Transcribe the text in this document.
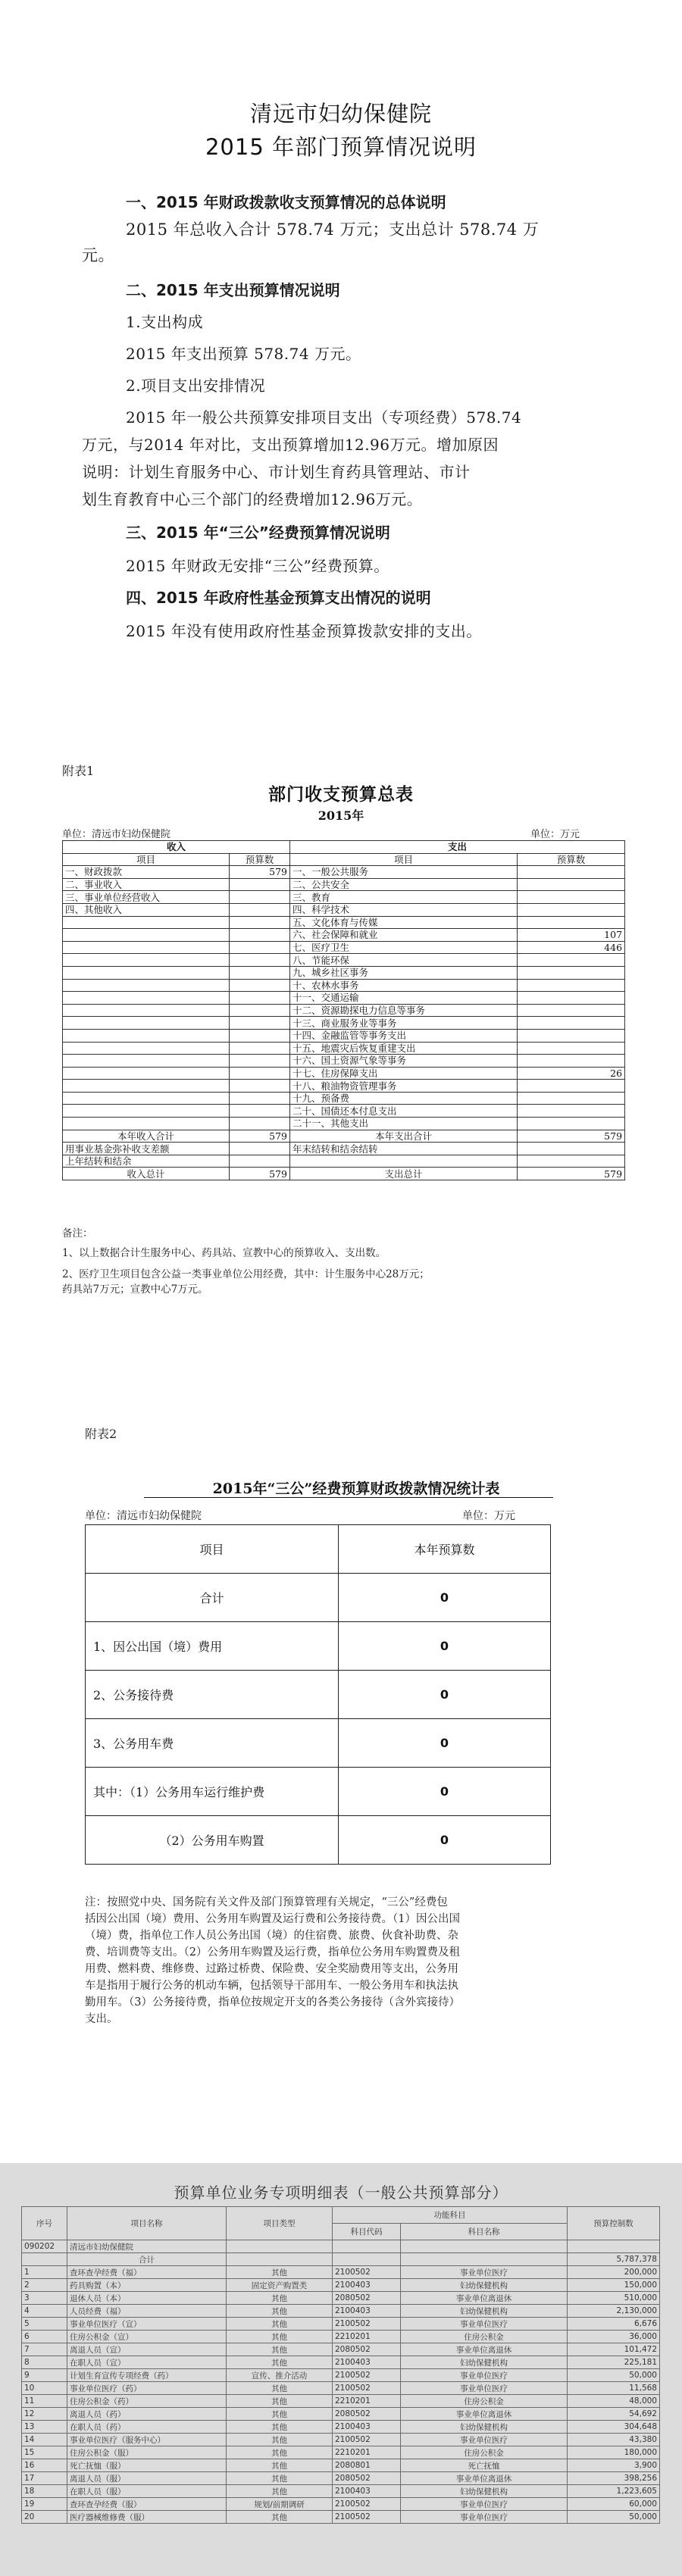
清远市妇幼保健院
2015 年部门预算情况说明
一、2015 年财政拨款收支预算情况的总体说明
2015 年总收入合计 578.74 万元；支出总计 578.74 万
元。
二、2015 年支出预算情况说明
1.支出构成
2015 年支出预算 578.74 万元。
2.项目支出安排情况
2015 年一般公共预算安排项目支出（专项经费）578.74
万元，与2014 年对比，支出预算增加12.96万元。增加原因
说明：计划生育服务中心、市计划生育药具管理站、市计
划生育教育中心三个部门的经费增加12.96万元。
三、2015 年“三公”经费预算情况说明
2015 年财政无安排“三公”经费预算。
四、2015 年政府性基金预算支出情况的说明
2015 年没有使用政府性基金预算拨款安排的支出。
附表1
部门收支预算总表
2015年
单位：清远市妇幼保健院	单位：万元
收入		支出	
项目	预算数	项目	预算数
一、财政拨款	579	一、一般公共服务	
二、事业收入		二、公共安全	
三、事业单位经营收入		三、教育	
四、其他收入		四、科学技术	
		五、文化体育与传媒	
		六、社会保障和就业	107
		七、医疗卫生	446
		八、节能环保	
		九、城乡社区事务	
		十、农林水事务	
		十一、交通运输	
		十二、资源勘探电力信息等事务	
		十三、商业服务业等事务	
		十四、金融监管等事务支出	
		十五、地震灾后恢复重建支出	
		十六、国土资源气象等事务	
		十七、住房保障支出	26
		十八、粮油物资管理事务	
		十九、预备费	
		二十、国债还本付息支出	
		二十一、其他支出	
本年收入合计	579	本年支出合计	579
用事业基金弥补收支差额		年末结转和结余结转	
上年结转和结余			
收入总计	579	支出总计	579
备注：
1、以上数据合计生服务中心、药具站、宣教中心的预算收入、支出数。
2、医疗卫生项目包含公益一类事业单位公用经费，其中：计生服务中心28万元；
药具站7万元；宣教中心7万元。
附表2
2015年“三公”经费预算财政拨款情况统计表
单位：清远市妇幼保健院	单位：万元
项目	本年预算数
合计	0
1、因公出国（境）费用	0
2、公务接待费	0
3、公务用车费	0
其中：（1）公务用车运行维护费	0
（2）公务用车购置	0
注：按照党中央、国务院有关文件及部门预算管理有关规定，“三公”经费包
括因公出国（境）费用、公务用车购置及运行费和公务接待费。（1）因公出国
（境）费，指单位工作人员公务出国（境）的住宿费、旅费、伙食补助费、杂
费、培训费等支出。（2）公务用车购置及运行费，指单位公务用车购置费及租
用费、燃料费、维修费、过路过桥费、保险费、安全奖励费用等支出，公务用
车是指用于履行公务的机动车辆，包括领导干部用车、一般公务用车和执法执
勤用车。（3）公务接待费，指单位按规定开支的各类公务接待（含外宾接待）
支出。
预算单位业务专项明细表（一般公共预算部分）
序号	项目名称	项目类型	功能科目		预算控制数
			科目代码	科目名称	
090202	清远市妇幼保健院				
	合计				5,787,378
1	查环查孕经费（福）	其他	2100502	事业单位医疗	200,000
2	药具购置（本）	固定资产购置类	2100403	妇幼保健机构	150,000
3	退休人员（本）	其他	2080502	事业单位离退休	510,000
4	人员经费（福）	其他	2100403	妇幼保健机构	2,130,000
5	事业单位医疗（宣）	其他	2100502	事业单位医疗	6,676
6	住房公积金（宣）	其他	2210201	住房公积金	36,000
7	离退人员（宣）	其他	2080502	事业单位离退休	101,472
8	在职人员（宣）	其他	2100403	妇幼保健机构	225,181
9	计划生育宣传专项经费（药）	宣传、推介活动	2100502	事业单位医疗	50,000
10	事业单位医疗（药）	其他	2100502	事业单位医疗	11,568
11	住房公积金（药）	其他	2210201	住房公积金	48,000
12	离退人员（药）	其他	2080502	事业单位离退休	54,692
13	在职人员（药）	其他	2100403	妇幼保健机构	304,648
14	事业单位医疗（服务中心）	其他	2100502	事业单位医疗	43,380
15	住房公积金（服）	其他	2210201	住房公积金	180,000
16	死亡抚恤（服）	其他	2080801	死亡抚恤	3,900
17	离退人员（服）	其他	2080502	事业单位离退休	398,256
18	在职人员（服）	其他	2100403	妇幼保健机构	1,223,605
19	查环查孕经费（服）	规划/前期调研	2100502	事业单位医疗	60,000
20	医疗器械维修费（服）	其他	2100502	事业单位医疗	50,000
